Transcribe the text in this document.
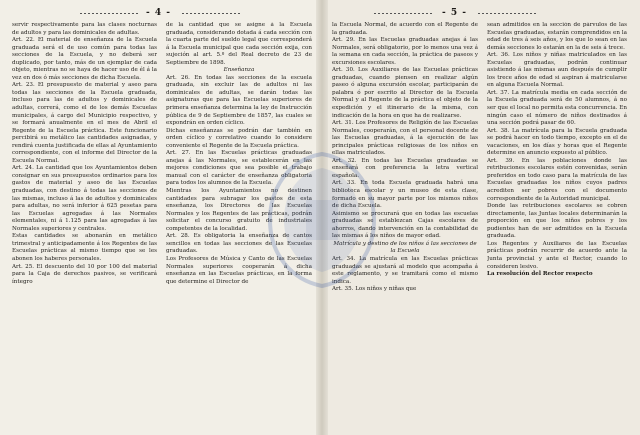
- 4 -

servir respectivamente para las clases nocturnas de adultos y para las dominicales de adultas.

Art. 22. El material de enseñanza de la Escuela graduada será el de uso común para todas las secciones de la Escuela, y no deberá ser duplicado, por tanto, más de un ejemplar de cada objeto, mientras no se haya de hacer uso de él á la vez en dos ó más secciones de dicha Escuela.

Art. 23. El presupuesto de material y aseo para todas las secciones de la Escuela graduada, incluso para las de adultos y dominicales de adultas, correrá, como el de los demás Escuelas municipales, á cargo del Municipio respectivo, y se formará anualmente en el mes de Abril el Regente de la Escuela práctica. Este funcionario percibirá su metálico las cantidades asignadas, y rendirá cuenta justificada de ellas al Ayuntamiento correspondiente, con el informe del Director de la Escuela Normal.

Art. 24. La cantidad que los Ayuntamientos deben consignar en sus presupuestos ordinarios para los gastos de material y aseo de las Escuelas graduadas, con destino á todas las secciones de las mismas, incluso á las de adultos y dominicales para adultas, no será inferior á 625 pesetas para las Escuelas agregadas á las Normales elementales, ni á 1.125 para las agregadas á las Normales superiores y centrales.

Estas cantidades se abonarán en metálico trimestral y anticipadamente á los Regentes de las Escuelas prácticas al mismo tiempo que se les abonen los haberes personales.

Art. 25. El descuento del 10 por 100 del material para la Caja de derechos pasivos, se verificará íntegro

de la cantidad que se asigne á la Escuela graduada, considerando dotada á cada sección con la cuarta parte del sueldo legal que corresponderá á la Escuela municipal que cada sección exija, con sujeción al art. 5.º del Real decreto de 23 de Septiembre de 1898.

Enseñanza

Art. 26. En todas las secciones de la escuela graduada, sin excluir las de adultos ni las dominicales de adultas, se darán todas las asignaturas que para las Escuelas superiores de primera enseñanza determina la ley de Instrucción pública de 9 de Septiembre de 1857, las cuales se expondrán en orden cíclico.

Dichas enseñanzas se podrán dar también en orden cíclico y correlativo cuando lo considere conveniente el Regente de la Escuela práctica.

Art. 27. En las Escuelas prácticas graduadas anejas á las Normales, se establecerán en las mejores condiciones que sea posible el trabajo manual con el carácter de enseñanza obligatoria para todos los alumnos de la Escuela.

Mientras los Ayuntamientos no destinen cantidades para subragar los gastos de esta enseñanza, los Directores de las Escuelas Normales y los Regentes de las prácticas, podrán solicitar el concurso gratuito de industriales competentes de la localidad.

Art. 28. Es obligatoria la enseñanza de cantos sencillos en todas las secciones de las Escuelas graduadas.

Los Profesores de Música y Canto de las Escuelas Normales superiores cooperarán á dicha enseñanza en las Escuelas prácticas, en la forma que determine el Director de

- 5 -

la Escuela Normal, de acuerdo con el Regente de la graduada.

Art. 29. En las Escuelas graduadas anejas á las Normales, será obligatorio, por lo menos una vez á la semana en cada sección, la práctica de paseos y excursiones escolares.

Art. 30. Los Auxiliares de las Escuelas prácticas graduadas, cuando piensen en realizar algún paseo ó alguna excursión escolar, participarán de palabra ó por escrito al Director de la Escuela Normal y al Regente de la práctica el objeto de la expedición y el itinerario de la misma, con indicación de la hora en que ha de realizarse.

Art. 31. Los Profesores de Religión de las Escuelas Normales, cooperarán, con el personal docente de las Escuelas graduadas, á la ejecución de las principales prácticas religiosas de los niños en ellas matriculados.

Art. 32. En todas las Escuelas graduadas se enseñará con preferencia la letra vertical española.

Art. 33. En toda Escuela graduada habrá una biblioteca escolar y un museo de esta clase, formado en su mayor parte por los mismos niños de dicha Escuela.

Asimismo se procurará que en todas las escuelas graduadas se establezcan Cajas escolares de ahorros, dando intervención en la contabilidad de las mismas á los niños de mayor edad.

Matrícula y destino de los niños á las secciones de la Escuela

Art. 34. La matrícula en las Escuelas prácticas graduadas se ajustará al modelo que acompaña á este reglamento, y se tramitará como el mismo indica.

Art. 35. Los niños y niñas que

sean admitidos en la sección de párvulos de las Escuelas graduadas, estarán comprendidos en la edad de tres á seis años, y los que lo sean en las demás secciones lo estarán en la de seis á trece.

Art. 36. Los niños y niñas matriculados en las Escuelas graduadas, podrán continuar asistiendo á las mismas aun después de cumplir los trece años de edad si aspiran á matricularse en alguna Escuela Normal.

Art. 37. La matrícula media en cada sección de la Escuela graduada será de 50 alumnos, á no ser que el local no permita esta concurrencia. En ningún caso el número de niños destinados á una sección podrá pasar de 60.

Art. 38. La matrícula para la Escuela graduada se podrá hacer en todo tiempo, excepto en el de vacaciones, en los días y horas que el Regente determine en anuncio expuesto al público.

Art. 39. En las poblaciones donde las retribuciones escolares estén convenidas, serán preferidos en todo caso para la matrícula de las Escuelas graduadas los niños cuyos padres acrediten ser pobres con el documento correspondiente de la Autoridad municipal.

Donde las retribuciones escolares se cobren directamente, las Juntas locales determinarán la proporción en que los niños pobres y los pudientes han de ser admitidos en la Escuela graduada.

Los Regentes y Auxiliares de las Escuelas prácticas podrán recurrir de acuerdo ante la Junta provincial y ante el Rector, cuando lo consideren lesivo.

La resolución del Rector respecto
